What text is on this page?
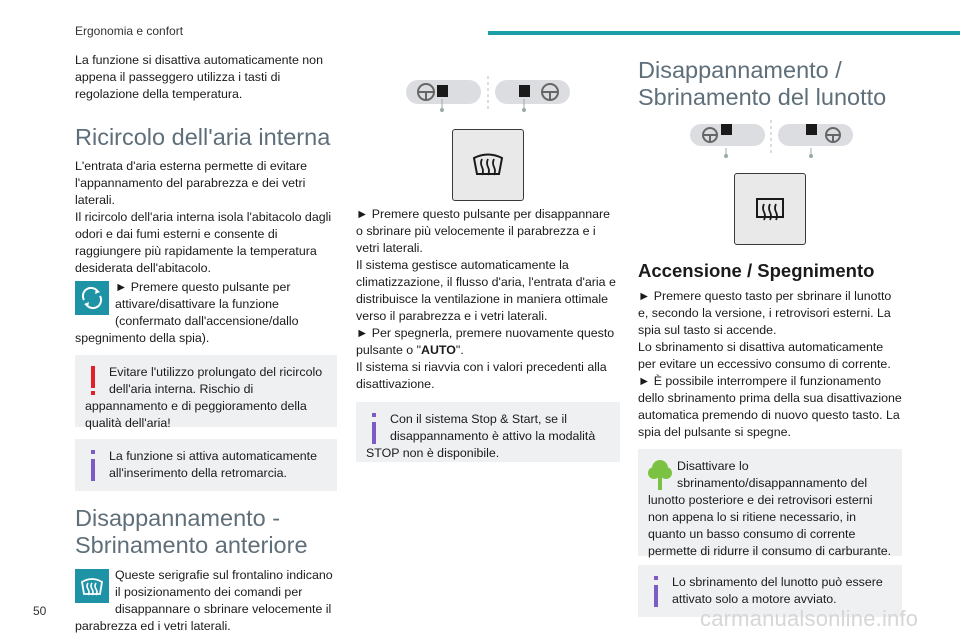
Ergonomia e confort

La funzione si disattiva automaticamente non appena il passeggero utilizza i tasti di regolazione della temperatura.

Ricircolo dell'aria interna

L'entrata d'aria esterna permette di evitare l'appannamento del parabrezza e dei vetri laterali.

Il ricircolo dell'aria interna isola l'abitacolo dagli odori e dai fumi esterni e consente di raggiungere più rapidamente la temperatura desiderata dell'abitacolo.

► Premere questo pulsante per attivare/disattivare la funzione (confermato dall'accensione/dallo spegnimento della spia).

Evitare l'utilizzo prolungato del ricircolo dell'aria interna. Rischio di appannamento e di peggioramento della qualità dell'aria!
La funzione si attiva automaticamente all'inserimento della retromarcia.
Disappannamento -
Sbrinamento anteriore

Queste serigrafie sul frontalino indicano il posizionamento dei comandi per disappannare o sbrinare velocemente il parabrezza ed i vetri laterali.

► Premere questo pulsante per disappannare o sbrinare più velocemente il parabrezza e i vetri laterali.

Il sistema gestisce automaticamente la climatizzazione, il flusso d'aria, l'entrata d'aria e distribuisce la ventilazione in maniera ottimale verso il parabrezza e i vetri laterali.

► Per spegnerla, premere nuovamente questo pulsante o "AUTO".

Il sistema si riavvia con i valori precedenti alla disattivazione.

Con il sistema Stop & Start, se il disappannamento è attivo la modalità STOP non è disponibile.
Disappannamento /
Sbrinamento del lunotto
Accensione / Spegnimento

► Premere questo tasto per sbrinare il lunotto e, secondo la versione, i retrovisori esterni. La spia sul tasto si accende.

Lo sbrinamento si disattiva automaticamente per evitare un eccessivo consumo di corrente.

► È possibile interrompere il funzionamento dello sbrinamento prima della sua disattivazione automatica premendo di nuovo questo tasto. La spia del pulsante si spegne.

Disattivare lo sbrinamento/disappannamento del lunotto posteriore e dei retrovisori esterni non appena lo si ritiene necessario, in quanto un basso consumo di corrente permette di ridurre il consumo di carburante.
Lo sbrinamento del lunotto può essere attivato solo a motore avviato.
50	carmanualsonline.info
